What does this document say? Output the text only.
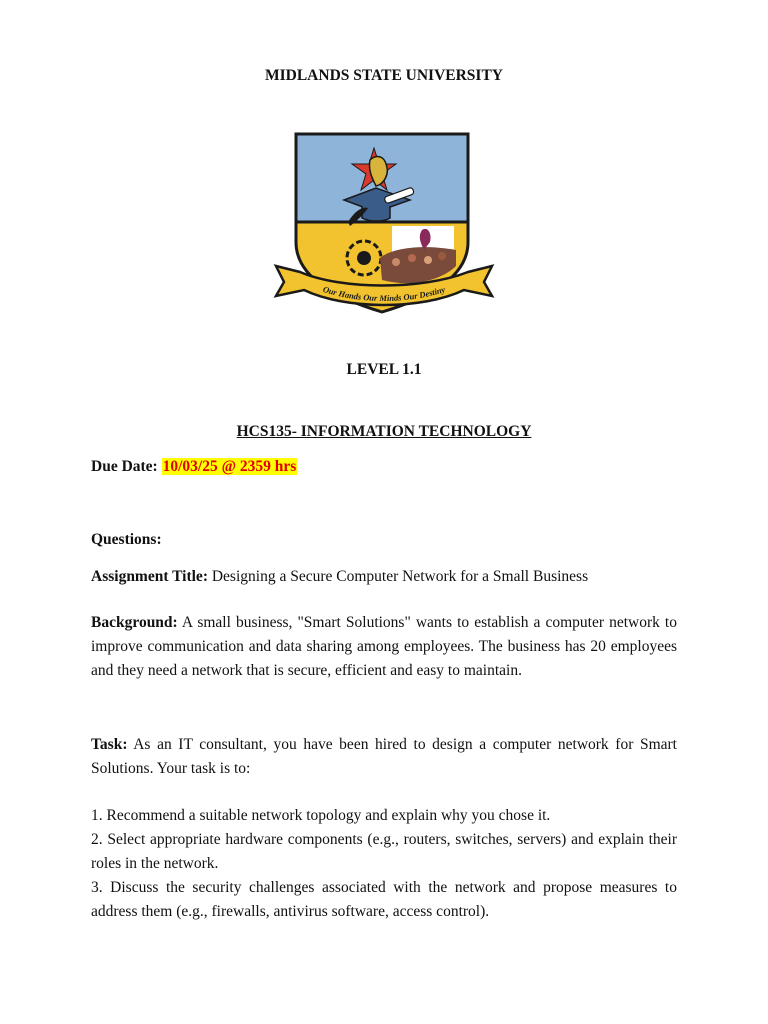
MIDLANDS STATE UNIVERSITY
Our Hands Our Minds Our Destiny
LEVEL 1.1
HCS135- INFORMATION TECHNOLOGY
Due Date: 10/03/25 @ 2359 hrs
Questions:
Assignment Title: Designing a Secure Computer Network for a Small Business
Background: A small business, "Smart Solutions" wants to establish a computer network to improve communication and data sharing among employees. The business has 20 employees and they need a network that is secure, efficient and easy to maintain.
Task: As an IT consultant, you have been hired to design a computer network for Smart Solutions. Your task is to:

1. Recommend a suitable network topology and explain why you chose it.

2. Select appropriate hardware components (e.g., routers, switches, servers) and explain their roles in the network.

3. Discuss the security challenges associated with the network and propose measures to address them (e.g., firewalls, antivirus software, access control).
